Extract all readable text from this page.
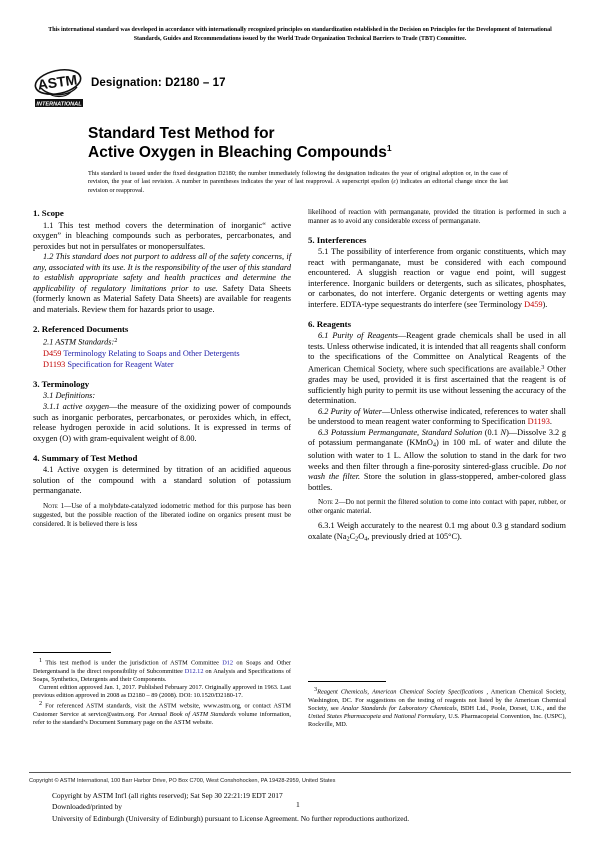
This international standard was developed in accordance with internationally recognized principles on standardization established in the Decision on Principles for the Development of International Standards, Guides and Recommendations issued by the World Trade Organization Technical Barriers to Trade (TBT) Committee.
ASTM
INTERNATIONAL
Designation: D2180 – 17
Standard Test Method for
Active Oxygen in Bleaching Compounds$^1$
This standard is issued under the fixed designation D2180; the number immediately following the designation indicates the year of original adoption or, in the case of revision, the year of last revision. A number in parentheses indicates the year of last reapproval. A superscript epsilon (ε) indicates an editorial change since the last revision or reapproval.
1. Scope

1.1 This test method covers the determination of inorganic“ active oxygen” in bleaching compounds such as perborates, percarbonates, and peroxides but not in persulfates or monopersulfates.

1.2 This standard does not purport to address all of the safety concerns, if any, associated with its use. It is the responsibility of the user of this standard to establish appropriate safety and health practices and determine the applicability of regulatory limitations prior to use. Safety Data Sheets (formerly known as Material Safety Data Sheets) are available for reagents and materials. Review them for hazards prior to usage.

2. Referenced Documents

2.1 ASTM Standards:$^2$

D459 Terminology Relating to Soaps and Other Detergents
D1193 Specification for Reagent Water
3. Terminology

3.1 Definitions:

3.1.1 active oxygen—the measure of the oxidizing power of compounds such as inorganic perborates, percarbonates, or peroxides which, in effect, release hydrogen peroxide in acid solutions. It is expressed in terms of oxygen (O) with gram-equivalent weight of 8.00.

4. Summary of Test Method

4.1 Active oxygen is determined by titration of an acidified aqueous solution of the compound with a standard solution of potassium permanganate.

Note 1—Use of a molybdate-catalyzed iodometric method for this purpose has been suggested, but the possible reaction of the liberated iodine on organics present must be considered. It is believed there is less

likelihood of reaction with permanganate, provided the titration is performed in such a manner as to avoid any considerable excess of permanganate.

5. Interferences

5.1 The possibility of interference from organic constituents, which may react with permanganate, must be considered with each compound encountered. A sluggish reaction or vague end point, will suggest interference. Inorganic builders or detergents, such as silicates, phosphates, or carbonates, do not interfere. Organic detergents or wetting agents may interfere. EDTA-type sequestrants do interfere (see Terminology D459).

6. Reagents

6.1 Purity of Reagents—Reagent grade chemicals shall be used in all tests. Unless otherwise indicated, it is intended that all reagents shall conform to the specifications of the Committee on Analytical Reagents of the American Chemical Society, where such specifications are available.$^3$ Other grades may be used, provided it is first ascertained that the reagent is of sufficiently high purity to permit its use without lessening the accuracy of the determination.

6.2 Purity of Water—Unless otherwise indicated, references to water shall be understood to mean reagent water conforming to Specification D1193.

6.3 Potassium Permanganate, Standard Solution (0.1 N)—Dissolve 3.2 g of potassium permanganate (KMnO$_4$) in 100 mL of water and dilute the solution with water to 1 L. Allow the solution to stand in the dark for two weeks and then filter through a fine-porosity sintered-glass crucible. Do not wash the filter. Store the solution in glass-stoppered, amber-colored glass bottles.

Note 2—Do not permit the filtered solution to come into contact with paper, rubber, or other organic material.

6.3.1 Weigh accurately to the nearest 0.1 mg about 0.3 g standard sodium oxalate ($Na_2C_2O_4$, previously dried at 105°C).

1 This test method is under the jurisdiction of ASTM Committee D12 on Soaps and Other Detergentsand is the direct responsibility of Subcommittee D12.12 on Analysis and Specifications of Soaps, Synthetics, Detergents and their Components.

Current edition approved Jan. 1, 2017. Published February 2017. Originally approved in 1963. Last previous edition approved in 2008 as D2180 – 89 (2008). DOI: 10.1520/D2180-17.

2 For referenced ASTM standards, visit the ASTM website, www.astm.org, or contact ASTM Customer Service at service@astm.org. For Annual Book of ASTM Standards volume information, refer to the standard’s Document Summary page on the ASTM website.

3Reagent Chemicals, American Chemical Society Specifications , American Chemical Society, Washington, DC. For suggestions on the testing of reagents not listed by the American Chemical Society, see Analar Standards for Laboratory Chemicals, BDH Ltd., Poole, Dorset, U.K., and the United States Pharmacopeia and National Formulary, U.S. Pharmacopeial Convention, Inc. (USPC), Rockville, MD.

Copyright © ASTM International, 100 Barr Harbor Drive, PO Box C700, West Conshohocken, PA 19428-2959, United States

Copyright by ASTM Int'l (all rights reserved); Sat Sep 30 22:21:19 EDT 2017

Downloaded/printed by

University of Edinburgh (University of Edinburgh) pursuant to License Agreement. No further reproductions authorized.

1
